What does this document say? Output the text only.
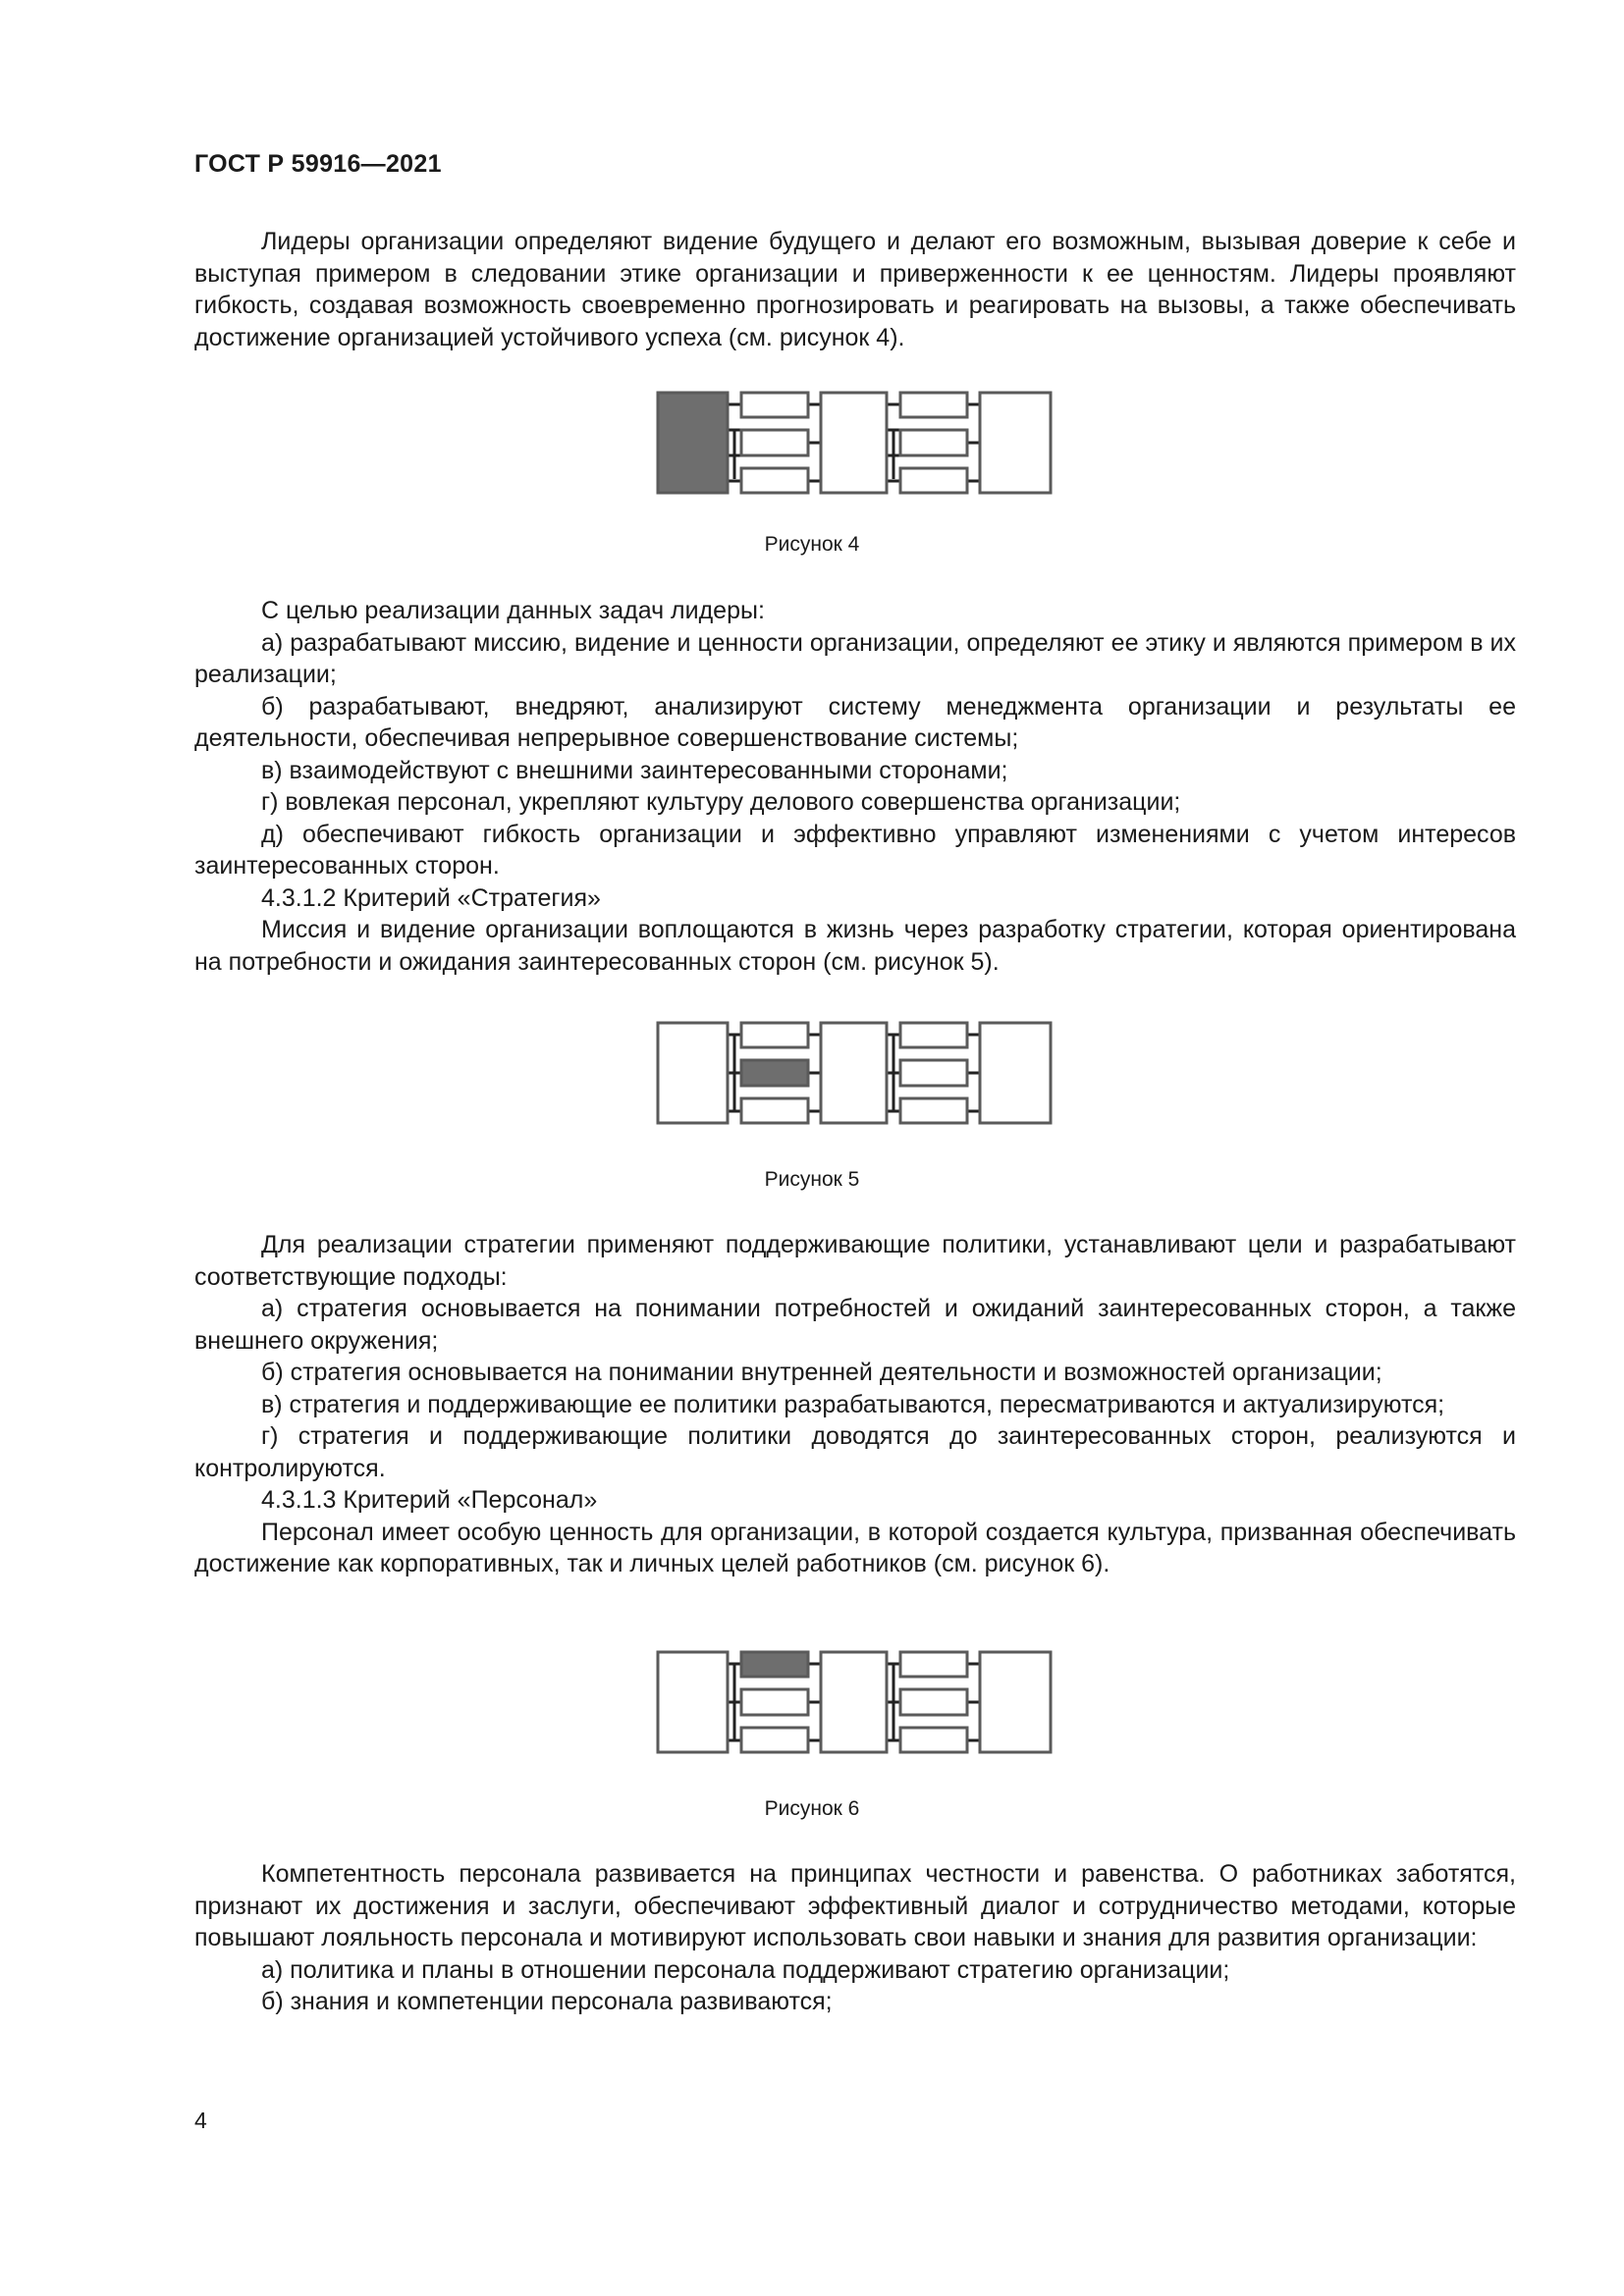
ГОСТ Р 59916—2021

Лидеры организации определяют видение будущего и делают его возможным, вызывая доверие к себе и выступая примером в следовании этике организации и приверженности к ее ценностям. Лидеры проявляют гибкость, создавая возможность своевременно прогнозировать и реагировать на вызовы, а также обеспечивать достижение организацией устойчивого успеха (см. рисунок 4).

Рисунок 4

С целью реализации данных задач лидеры:

а) разрабатывают миссию, видение и ценности организации, определяют ее этику и являются примером в их реализации;

б) разрабатывают, внедряют, анализируют систему менеджмента организации и результаты ее деятельности, обеспечивая непрерывное совершенствование системы;

в) взаимодействуют с внешними заинтересованными сторонами;

г) вовлекая персонал, укрепляют культуру делового совершенства организации;

д) обеспечивают гибкость организации и эффективно управляют изменениями с учетом интересов заинтересованных сторон.

4.3.1.2 Критерий «Стратегия»

Миссия и видение организации воплощаются в жизнь через разработку стратегии, которая ориентирована на потребности и ожидания заинтересованных сторон (см. рисунок 5).

Рисунок 5

Для реализации стратегии применяют поддерживающие политики, устанавливают цели и разрабатывают соответствующие подходы:

а) стратегия основывается на понимании потребностей и ожиданий заинтересованных сторон, а также внешнего окружения;

б) стратегия основывается на понимании внутренней деятельности и возможностей организации;

в) стратегия и поддерживающие ее политики разрабатываются, пересматриваются и актуализируются;

г) стратегия и поддерживающие политики доводятся до заинтересованных сторон, реализуются и контролируются.

4.3.1.3 Критерий «Персонал»

Персонал имеет особую ценность для организации, в которой создается культура, призванная обеспечивать достижение как корпоративных, так и личных целей работников (см. рисунок 6).

Рисунок 6

Компетентность персонала развивается на принципах честности и равенства. О работниках заботятся, признают их достижения и заслуги, обеспечивают эффективный диалог и сотрудничество методами, которые повышают лояльность персонала и мотивируют использовать свои навыки и знания для развития организации:

а) политика и планы в отношении персонала поддерживают стратегию организации;

б) знания и компетенции персонала развиваются;

4
